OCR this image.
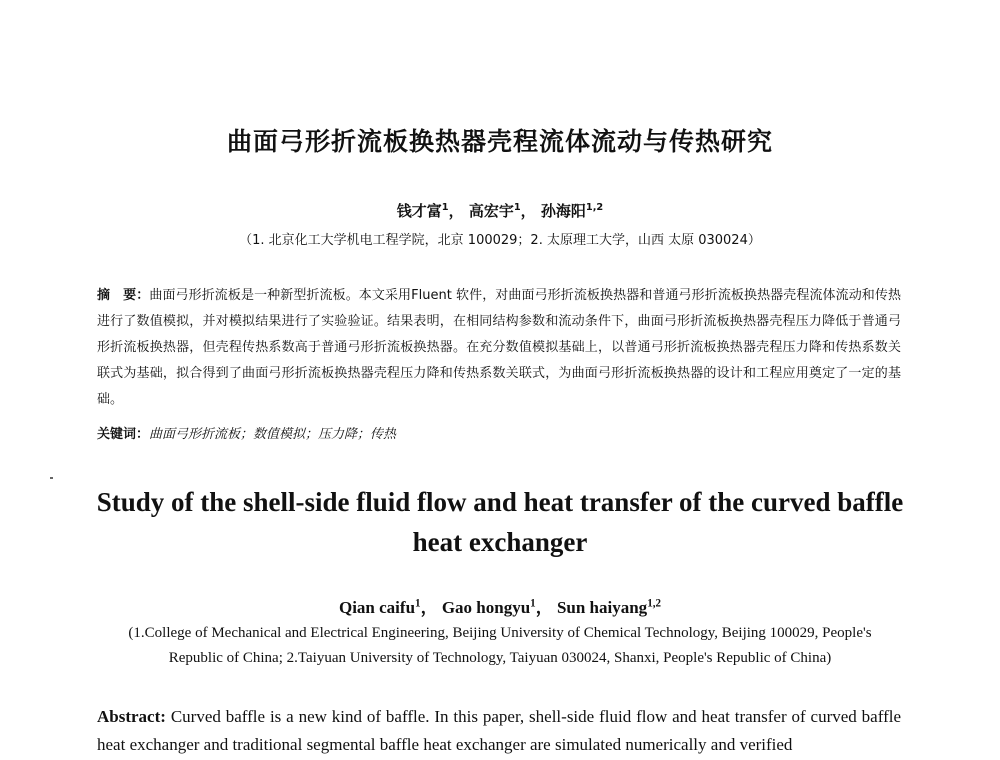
曲面弓形折流板换热器壳程流体流动与传热研究
钱才富$^1$， 高宏宇$^1$， 孙海阳$^{1,2}$
（1. 北京化工大学机电工程学院，北京 100029；2. 太原理工大学，山西 太原 030024）
摘　要：曲面弓形折流板是一种新型折流板。本文采用Fluent 软件，对曲面弓形折流板换热器和普通弓形折流板换热器壳程流体流动和传热进行了数值模拟，并对模拟结果进行了实验验证。结果表明，在相同结构参数和流动条件下，曲面弓形折流板换热器壳程压力降低于普通弓形折流板换热器，但壳程传热系数高于普通弓形折流板换热器。在充分数值模拟基础上，以普通弓形折流板换热器壳程压力降和传热系数关联式为基础，拟合得到了曲面弓形折流板换热器壳程压力降和传热系数关联式，为曲面弓形折流板换热器的设计和工程应用奠定了一定的基础。
关键词：曲面弓形折流板；数值模拟；压力降；传热
Study of the shell-side fluid flow and heat transfer of the curved baffle heat exchanger
Qian caifu$^1$， Gao hongyu$^1$， Sun haiyang$^{1,2}$
(1.College of Mechanical and Electrical Engineering, Beijing University of Chemical Technology, Beijing 100029, People's Republic of China; 2.Taiyuan University of Technology, Taiyuan 030024, Shanxi, People's Republic of China)
Abstract: Curved baffle is a new kind of baffle. In this paper, shell-side fluid flow and heat transfer of curved baffle heat exchanger and traditional segmental baffle heat exchanger are simulated numerically and verified
